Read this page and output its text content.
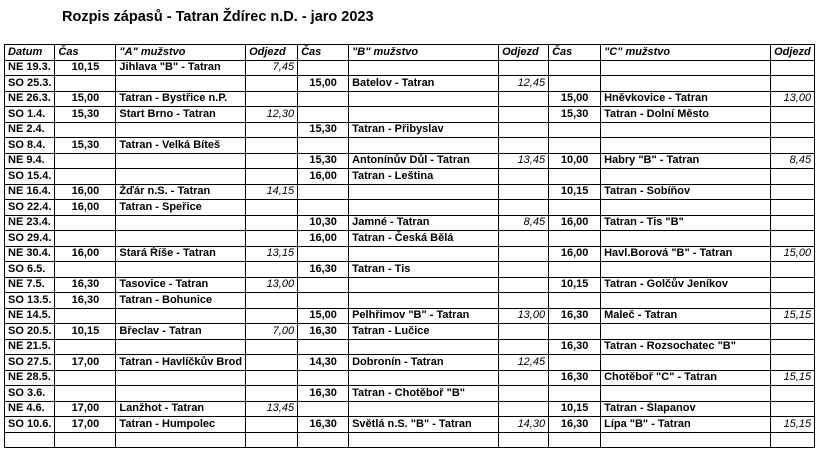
Rozpis zápasů - Tatran Ždírec n.D. - jaro 2023
Datum	Čas	"A" mužstvo	Odjezd	Čas	"B" mužstvo	Odjezd	Čas	"C" mužstvo	Odjezd
NE 19.3.	10,15	Jihlava "B" - Tatran	7,45						
SO 25.3.				15,00	Batelov - Tatran	12,45			
NE 26.3.	15,00	Tatran - Bystřice n.P.					15,00	Hněvkovice - Tatran	13,00
SO 1.4.	15,30	Start Brno - Tatran	12,30				15,30	Tatran - Dolní Město	
NE 2.4.				15,30	Tatran - Přibyslav				
SO 8.4.	15,30	Tatran - Velká Bíteš							
NE 9.4.				15,30	Antonínův Důl - Tatran	13,45	10,00	Habry "B" - Tatran	8,45
SO 15.4.				16,00	Tatran - Leština				
NE 16.4.	16,00	Žďár n.S. - Tatran	14,15				10,15	Tatran - Sobíňov	
SO 22.4.	16,00	Tatran - Speřice							
NE 23.4.				10,30	Jamné - Tatran	8,45	16,00	Tatran - Tis "B"	
SO 29.4.				16,00	Tatran - Česká Bělá				
NE 30.4.	16,00	Stará Říše - Tatran	13,15				16,00	Havl.Borová "B" - Tatran	15,00
SO 6.5.				16,30	Tatran - Tis				
NE 7.5.	16,30	Tasovice - Tatran	13,00				10,15	Tatran - Golčův Jeníkov	
SO 13.5.	16,30	Tatran - Bohunice							
NE 14.5.				15,00	Pelhřimov "B" - Tatran	13,00	16,30	Maleč - Tatran	15,15
SO 20.5.	10,15	Břeclav - Tatran	7,00	16,30	Tatran - Lučice				
NE 21.5.							16,30	Tatran - Rozsochatec "B"	
SO 27.5.	17,00	Tatran - Havlíčkův Brod		14,30	Dobronín - Tatran	12,45			
NE 28.5.							16,30	Chotěboř "C" - Tatran	15,15
SO 3.6.				16,30	Tatran - Chotěboř "B"				
NE 4.6.	17,00	Lanžhot - Tatran	13,45				10,15	Tatran - Šlapanov	
SO 10.6.	17,00	Tatran - Humpolec		16,30	Světlá n.S. "B" - Tatran	14,30	16,30	Lípa "B" - Tatran	15,15
